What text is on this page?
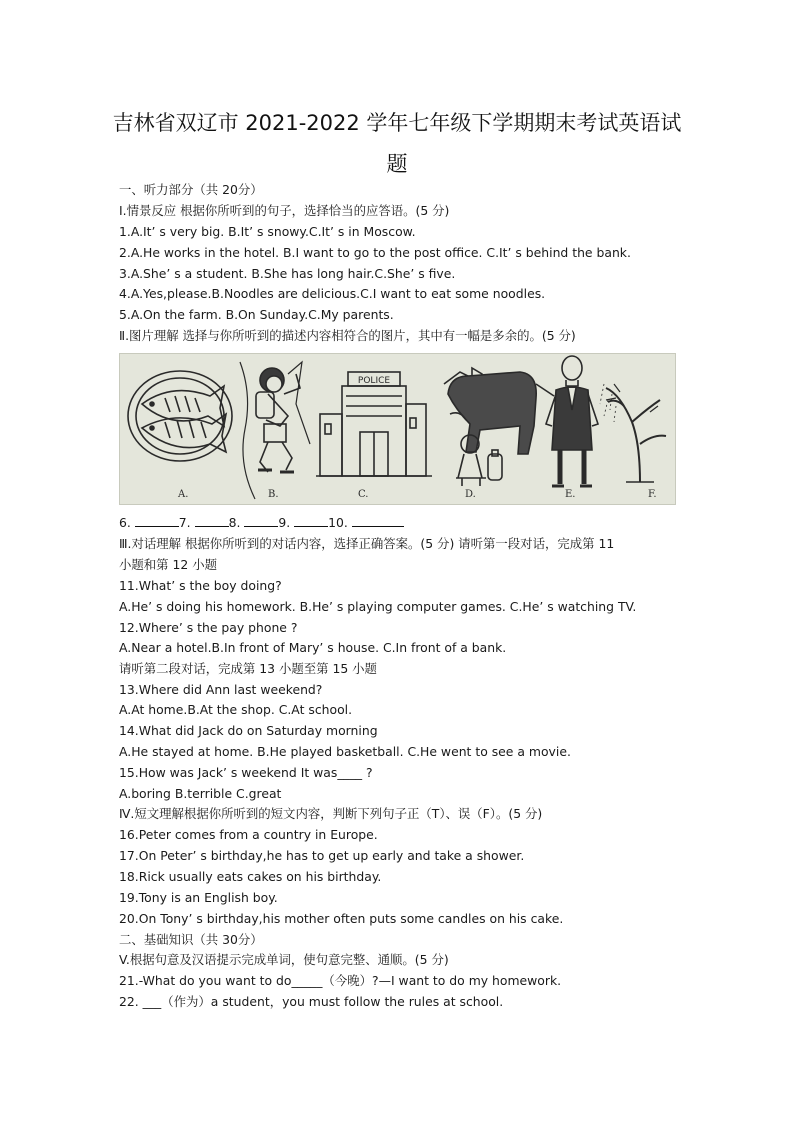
吉林省双辽市 2021-2022 学年七年级下学期期末考试英语试
题
一、听力部分（共 20分）
Ⅰ.情景反应 根据你所听到的句子，选择恰当的应答语。(5 分)
1.A.It’ s very big. B.It’ s snowy.C.It’ s in Moscow.
2.A.He works in the hotel. B.I want to go to the post office. C.It’ s behind the bank.
3.A.She’ s a student. B.She has long hair.C.She’ s five.
4.A.Yes,please.B.Noodles are delicious.C.I want to eat some noodles.
5.A.On the farm. B.On Sunday.C.My parents.
Ⅱ.图片理解 选择与你所听到的描述内容相符合的图片，其中有一幅是多余的。(5 分)
POLICE
A.	B.	C.	D.	E.	F.
6.	7.	8.	9.	10.
Ⅲ.对话理解 根据你所听到的对话内容，选择正确答案。(5 分) 请听第一段对话，完成第 11
小题和第 12 小题
11.What’ s the boy doing?
A.He’ s doing his homework. B.He’ s playing computer games. C.He’ s watching TV.
12.Where’ s the pay phone ?
A.Near a hotel.B.In front of Mary’ s house. C.In front of a bank.
请听第二段对话，完成第 13 小题至第 15 小题
13.Where did Ann last weekend?
A.At home.B.At the shop. C.At school.
14.What did Jack do on Saturday morning
A.He stayed at home. B.He played basketball. C.He went to see a movie.
15.How was Jack’ s weekend It was____ ?
A.boring B.terrible C.great
Ⅳ.短文理解根据你所听到的短文内容，判断下列句子正（T）、误（F）。(5 分)
16.Peter comes from a country in Europe.
17.On Peter’ s birthday,he has to get up early and take a shower.
18.Rick usually eats cakes on his birthday.
19.Tony is an English boy.
20.On Tony’ s birthday,his mother often puts some candles on his cake.
二、基础知识（共 30分）
V.根据句意及汉语提示完成单词，使句意完整、通顺。(5 分)
21.-What do you want to do_____（今晚）?—I want to do my homework.
22. ___（作为）a student，you must follow the rules at school.
